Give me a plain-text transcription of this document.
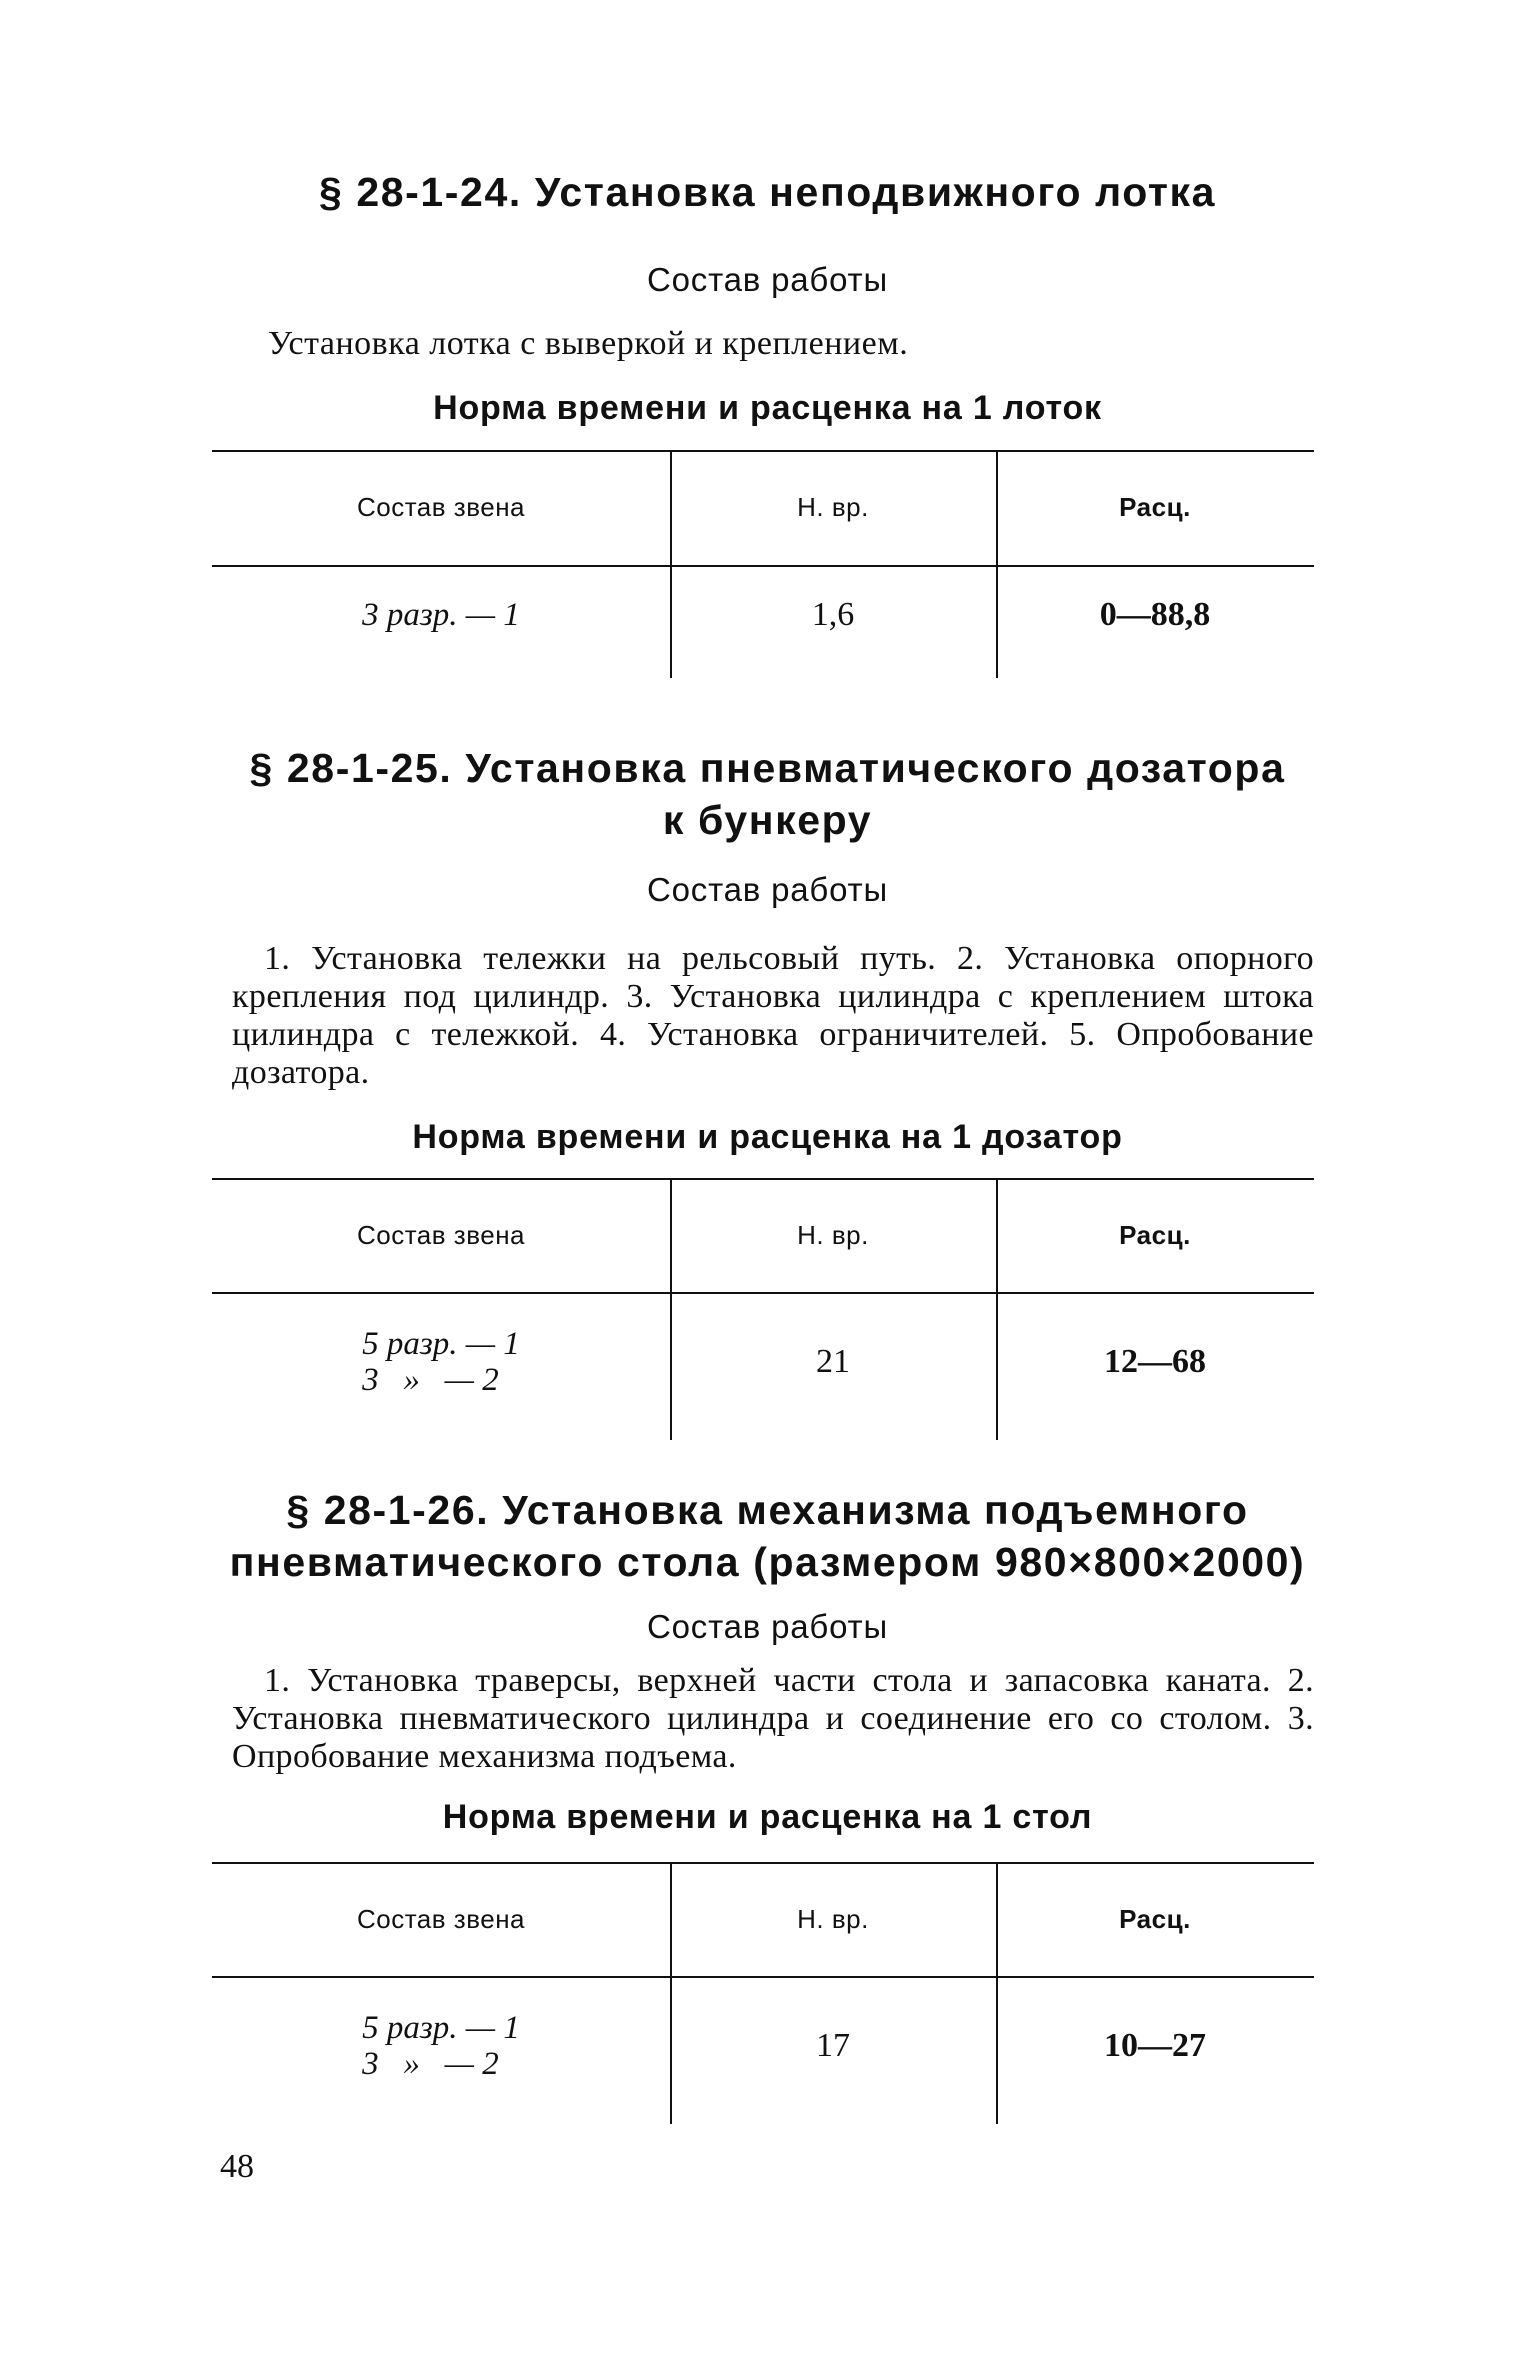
§ 28-1-24. Установка неподвижного лотка

Состав работы

Установка лотка с выверкой и креплением.

Норма времени и расценка на 1 лоток

Состав звена	Н. вр.	Расц.
3 разр. — 1	1,6	0—88,8
§ 28-1-25. Установка пневматического дозатора
к бункеру

Состав работы

1. Установка тележки на рельсовый путь. 2. Установка опорного крепления под цилиндр. 3. Установка цилиндра с креплением штока цилиндра с тележкой. 4. Установка ограничителей. 5. Опробование дозатора.

Норма времени и расценка на 1 дозатор

Состав звена	Н. вр.	Расц.
5 разр. — 1
3   »   — 2	21	12—68
§ 28-1-26. Установка механизма подъемного
пневматического стола (размером 980×800×2000)

Состав работы

1. Установка траверсы, верхней части стола и запасовка каната. 2. Установка пневматического цилиндра и соединение его со столом. 3. Опробование механизма подъема.

Норма времени и расценка на 1 стол

Состав звена	Н. вр.	Расц.
5 разр. — 1
3   »   — 2	17	10—27
48
